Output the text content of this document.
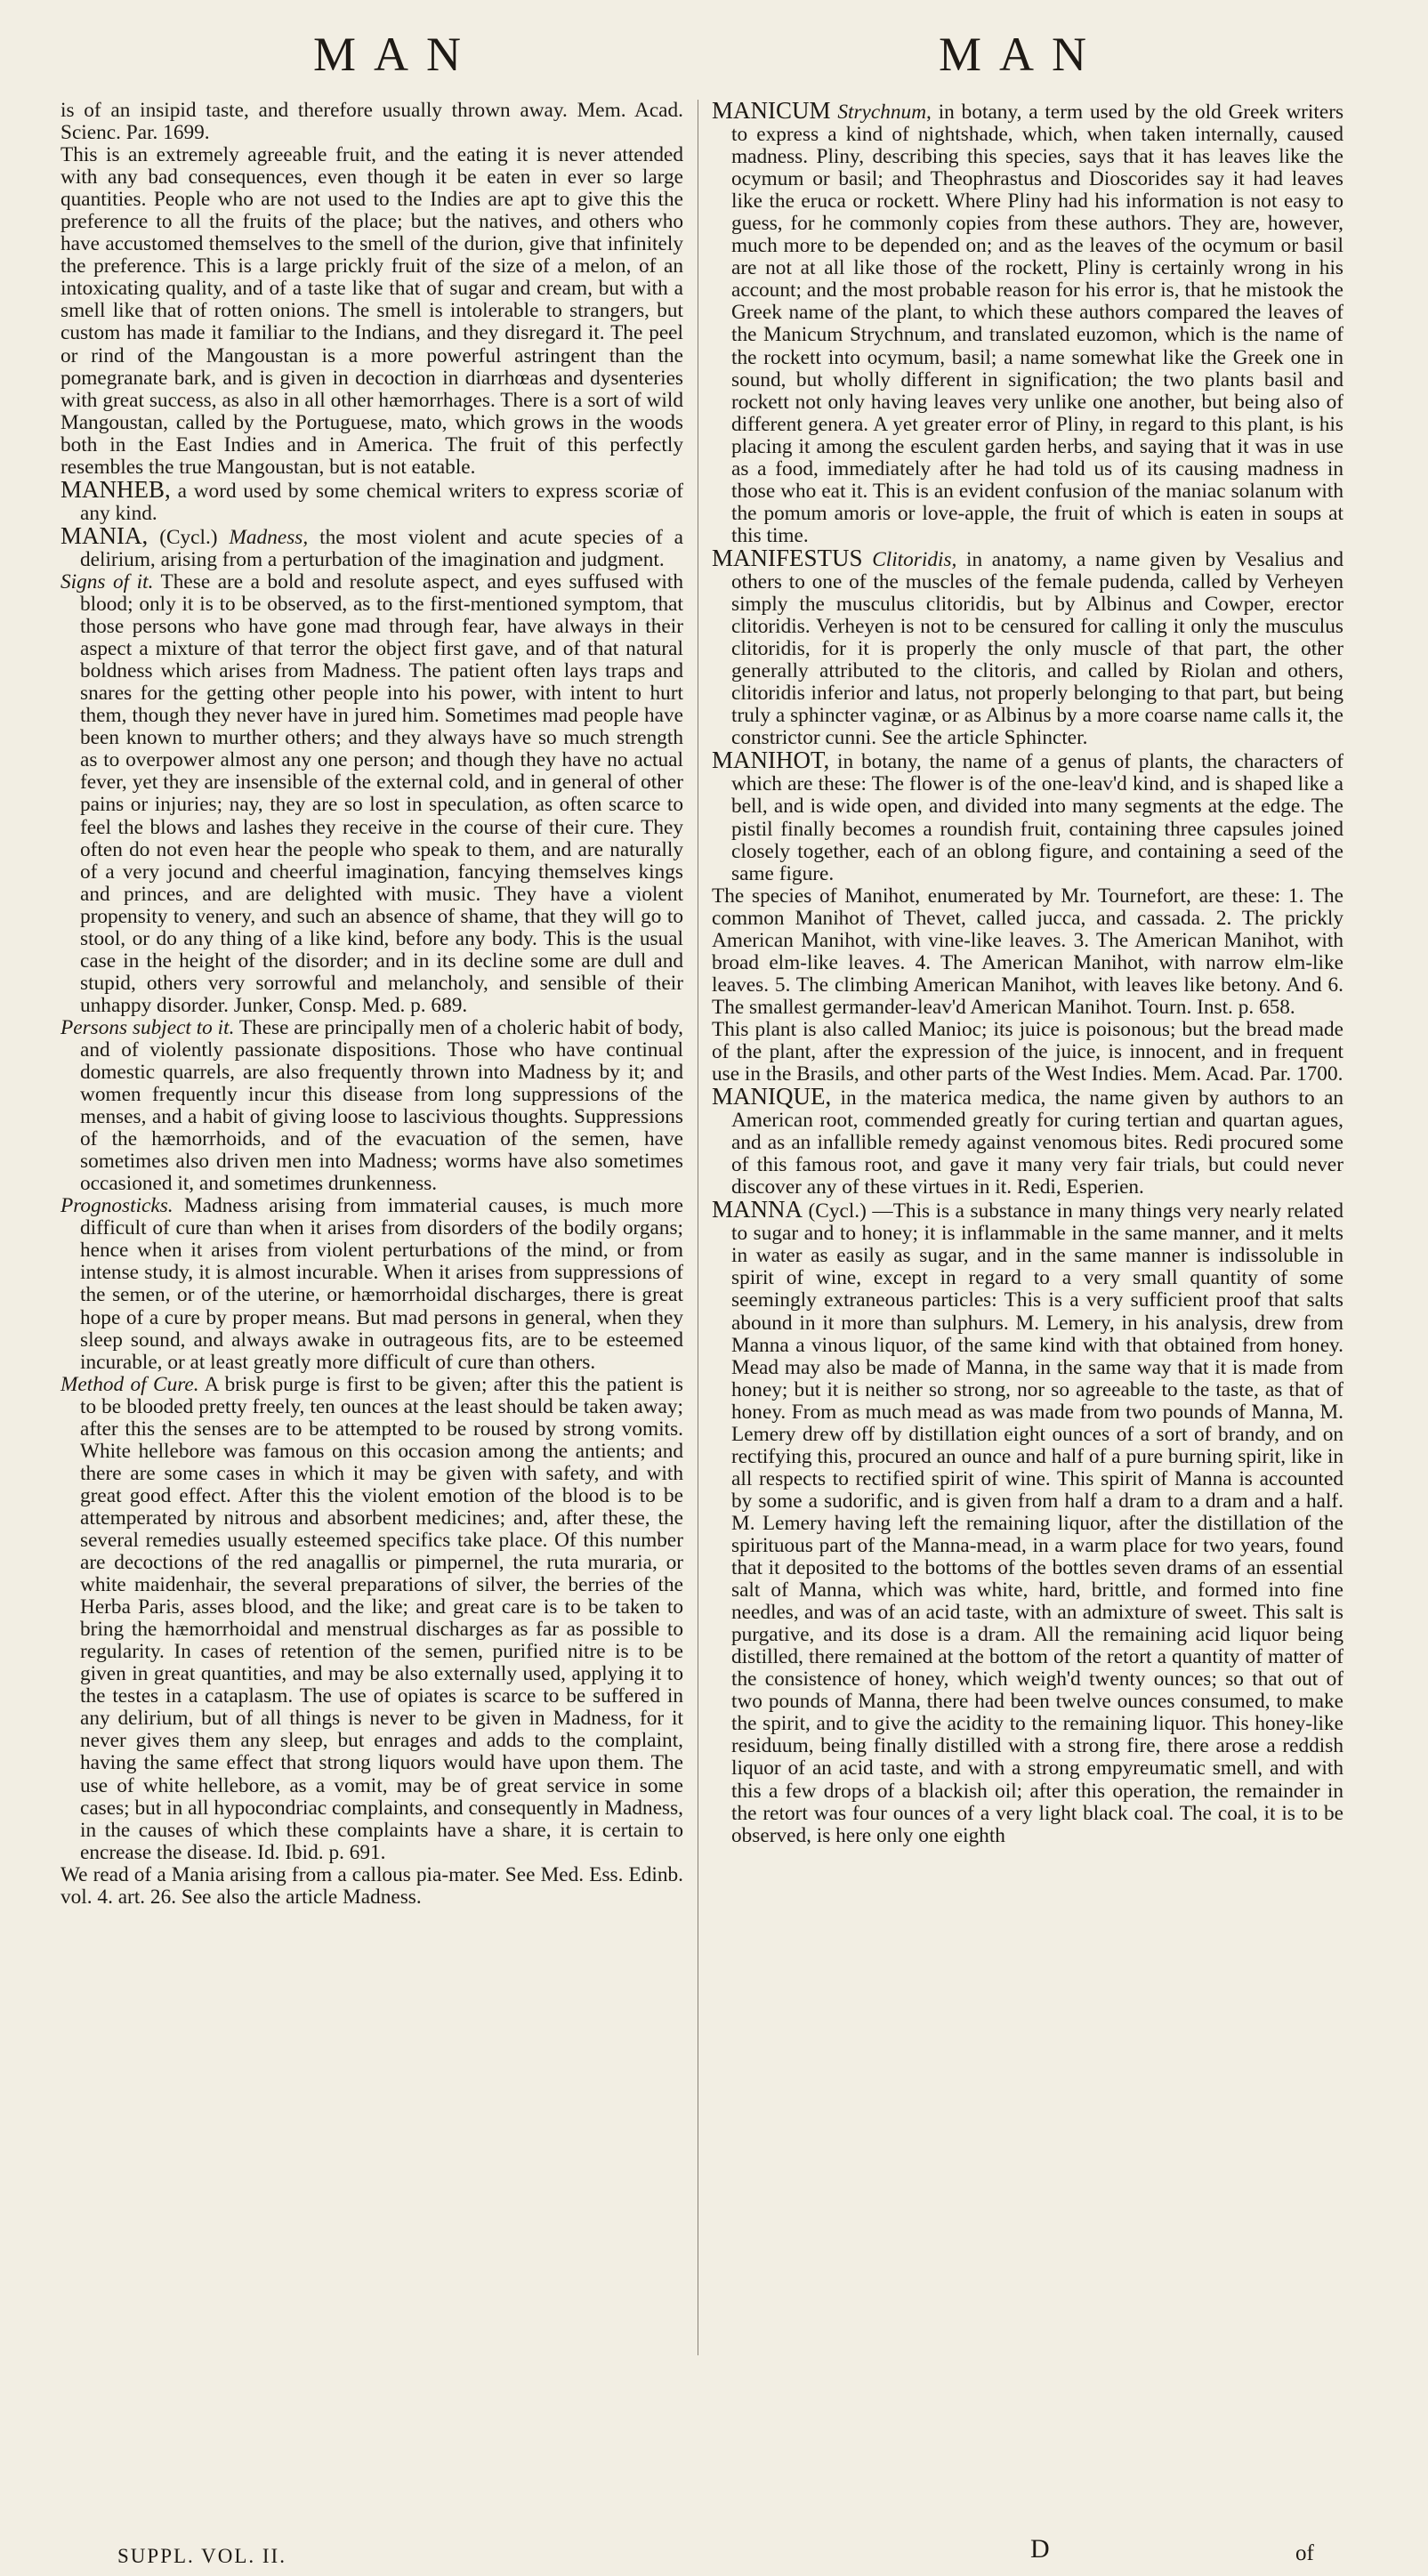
MAN	MAN

is of an insipid taste, and therefore usually thrown away. Mem. Acad. Scienc. Par. 1699.

This is an extremely agreeable fruit, and the eating it is never attended with any bad consequences, even though it be eaten in ever so large quantities. People who are not used to the Indies are apt to give this the preference to all the fruits of the place; but the natives, and others who have accustomed themselves to the smell of the durion, give that infinitely the preference. This is a large prickly fruit of the size of a melon, of an intoxicating quality, and of a taste like that of sugar and cream, but with a smell like that of rotten onions. The smell is intolerable to strangers, but custom has made it familiar to the Indians, and they disregard it. The peel or rind of the Mangoustan is a more powerful astringent than the pomegranate bark, and is given in decoction in diarrhœas and dysenteries with great success, as also in all other hæmorrhages. There is a sort of wild Mangoustan, called by the Portuguese, mato, which grows in the woods both in the East Indies and in America. The fruit of this perfectly resembles the true Mangoustan, but is not eatable.

MANHEB, a word used by some chemical writers to express scoriæ of any kind.

MANIA, (Cycl.) Madness, the most violent and acute species of a delirium, arising from a perturbation of the imagination and judgment.

Signs of it. These are a bold and resolute aspect, and eyes suffused with blood; only it is to be observed, as to the first-mentioned symptom, that those persons who have gone mad through fear, have always in their aspect a mixture of that terror the object first gave, and of that natural boldness which arises from Madness. The patient often lays traps and snares for the getting other people into his power, with intent to hurt them, though they never have in jured him. Sometimes mad people have been known to murther others; and they always have so much strength as to overpower almost any one person; and though they have no actual fever, yet they are insensible of the external cold, and in general of other pains or injuries; nay, they are so lost in speculation, as often scarce to feel the blows and lashes they receive in the course of their cure. They often do not even hear the people who speak to them, and are naturally of a very jocund and cheerful imagination, fancying themselves kings and princes, and are delighted with music. They have a violent propensity to venery, and such an absence of shame, that they will go to stool, or do any thing of a like kind, before any body. This is the usual case in the height of the disorder; and in its decline some are dull and stupid, others very sorrowful and melancholy, and sensible of their unhappy disorder. Junker, Consp. Med. p. 689.

Persons subject to it. These are principally men of a choleric habit of body, and of violently passionate dispositions. Those who have continual domestic quarrels, are also frequently thrown into Madness by it; and women frequently incur this disease from long suppressions of the menses, and a habit of giving loose to lascivious thoughts. Suppressions of the hæmorrhoids, and of the evacuation of the semen, have sometimes also driven men into Madness; worms have also sometimes occasioned it, and sometimes drunkenness.

Prognosticks. Madness arising from immaterial causes, is much more difficult of cure than when it arises from disorders of the bodily organs; hence when it arises from violent perturbations of the mind, or from intense study, it is almost incurable. When it arises from suppressions of the semen, or of the uterine, or hæmorrhoidal discharges, there is great hope of a cure by proper means. But mad persons in general, when they sleep sound, and always awake in outrageous fits, are to be esteemed incurable, or at least greatly more difficult of cure than others.

Method of Cure. A brisk purge is first to be given; after this the patient is to be blooded pretty freely, ten ounces at the least should be taken away; after this the senses are to be attempted to be roused by strong vomits. White hellebore was famous on this occasion among the antients; and there are some cases in which it may be given with safety, and with great good effect. After this the violent emotion of the blood is to be attemperated by nitrous and absorbent medicines; and, after these, the several remedies usually esteemed specifics take place. Of this number are decoctions of the red anagallis or pimpernel, the ruta muraria, or white maidenhair, the several preparations of silver, the berries of the Herba Paris, asses blood, and the like; and great care is to be taken to bring the hæmorrhoidal and menstrual discharges as far as possible to regularity. In cases of retention of the semen, purified nitre is to be given in great quantities, and may be also externally used, applying it to the testes in a cataplasm. The use of opiates is scarce to be suffered in any delirium, but of all things is never to be given in Madness, for it never gives them any sleep, but enrages and adds to the complaint, having the same effect that strong liquors would have upon them. The use of white hellebore, as a vomit, may be of great service in some cases; but in all hypocondriac complaints, and consequently in Madness, in the causes of which these complaints have a share, it is certain to encrease the disease. Id. Ibid. p. 691.

We read of a Mania arising from a callous pia-mater. See Med. Ess. Edinb. vol. 4. art. 26. See also the article Madness.

MANICUM Strychnum, in botany, a term used by the old Greek writers to express a kind of nightshade, which, when taken internally, caused madness. Pliny, describing this species, says that it has leaves like the ocymum or basil; and Theophrastus and Dioscorides say it had leaves like the eruca or rockett. Where Pliny had his information is not easy to guess, for he commonly copies from these authors. They are, however, much more to be depended on; and as the leaves of the ocymum or basil are not at all like those of the rockett, Pliny is certainly wrong in his account; and the most probable reason for his error is, that he mistook the Greek name of the plant, to which these authors compared the leaves of the Manicum Strychnum, and translated euzomon, which is the name of the rockett into ocymum, basil; a name somewhat like the Greek one in sound, but wholly different in signification; the two plants basil and rockett not only having leaves very unlike one another, but being also of different genera. A yet greater error of Pliny, in regard to this plant, is his placing it among the esculent garden herbs, and saying that it was in use as a food, immediately after he had told us of its causing madness in those who eat it. This is an evident confusion of the maniac solanum with the pomum amoris or love-apple, the fruit of which is eaten in soups at this time.

MANIFESTUS Clitoridis, in anatomy, a name given by Vesalius and others to one of the muscles of the female pudenda, called by Verheyen simply the musculus clitoridis, but by Albinus and Cowper, erector clitoridis. Verheyen is not to be censured for calling it only the musculus clitoridis, for it is properly the only muscle of that part, the other generally attributed to the clitoris, and called by Riolan and others, clitoridis inferior and latus, not properly belonging to that part, but being truly a sphincter vaginæ, or as Albinus by a more coarse name calls it, the constrictor cunni. See the article Sphincter.

MANIHOT, in botany, the name of a genus of plants, the characters of which are these: The flower is of the one-leav'd kind, and is shaped like a bell, and is wide open, and divided into many segments at the edge. The pistil finally becomes a roundish fruit, containing three capsules joined closely together, each of an oblong figure, and containing a seed of the same figure.

The species of Manihot, enumerated by Mr. Tournefort, are these: 1. The common Manihot of Thevet, called jucca, and cassada. 2. The prickly American Manihot, with vine-like leaves. 3. The American Manihot, with broad elm-like leaves. 4. The American Manihot, with narrow elm-like leaves. 5. The climbing American Manihot, with leaves like betony. And 6. The smallest germander-leav'd American Manihot. Tourn. Inst. p. 658.

This plant is also called Manioc; its juice is poisonous; but the bread made of the plant, after the expression of the juice, is innocent, and in frequent use in the Brasils, and other parts of the West Indies. Mem. Acad. Par. 1700.

MANIQUE, in the materica medica, the name given by authors to an American root, commended greatly for curing tertian and quartan agues, and as an infallible remedy against venomous bites. Redi procured some of this famous root, and gave it many very fair trials, but could never discover any of these virtues in it. Redi, Esperien.

MANNA (Cycl.) —This is a substance in many things very nearly related to sugar and to honey; it is inflammable in the same manner, and it melts in water as easily as sugar, and in the same manner is indissoluble in spirit of wine, except in regard to a very small quantity of some seemingly extraneous particles: This is a very sufficient proof that salts abound in it more than sulphurs. M. Lemery, in his analysis, drew from Manna a vinous liquor, of the same kind with that obtained from honey. Mead may also be made of Manna, in the same way that it is made from honey; but it is neither so strong, nor so agreeable to the taste, as that of honey. From as much mead as was made from two pounds of Manna, M. Lemery drew off by distillation eight ounces of a sort of brandy, and on rectifying this, procured an ounce and half of a pure burning spirit, like in all respects to rectified spirit of wine. This spirit of Manna is accounted by some a sudorific, and is given from half a dram to a dram and a half. M. Lemery having left the remaining liquor, after the distillation of the spirituous part of the Manna-mead, in a warm place for two years, found that it deposited to the bottoms of the bottles seven drams of an essential salt of Manna, which was white, hard, brittle, and formed into fine needles, and was of an acid taste, with an admixture of sweet. This salt is purgative, and its dose is a dram. All the remaining acid liquor being distilled, there remained at the bottom of the retort a quantity of matter of the consistence of honey, which weigh'd twenty ounces; so that out of two pounds of Manna, there had been twelve ounces consumed, to make the spirit, and to give the acidity to the remaining liquor. This honey-like residuum, being finally distilled with a strong fire, there arose a reddish liquor of an acid taste, and with a strong empyreumatic smell, and with this a few drops of a blackish oil; after this operation, the remainder in the retort was four ounces of a very light black coal. The coal, it is to be observed, is here only one eighth

SUPPL. VOL. II.	D	of
